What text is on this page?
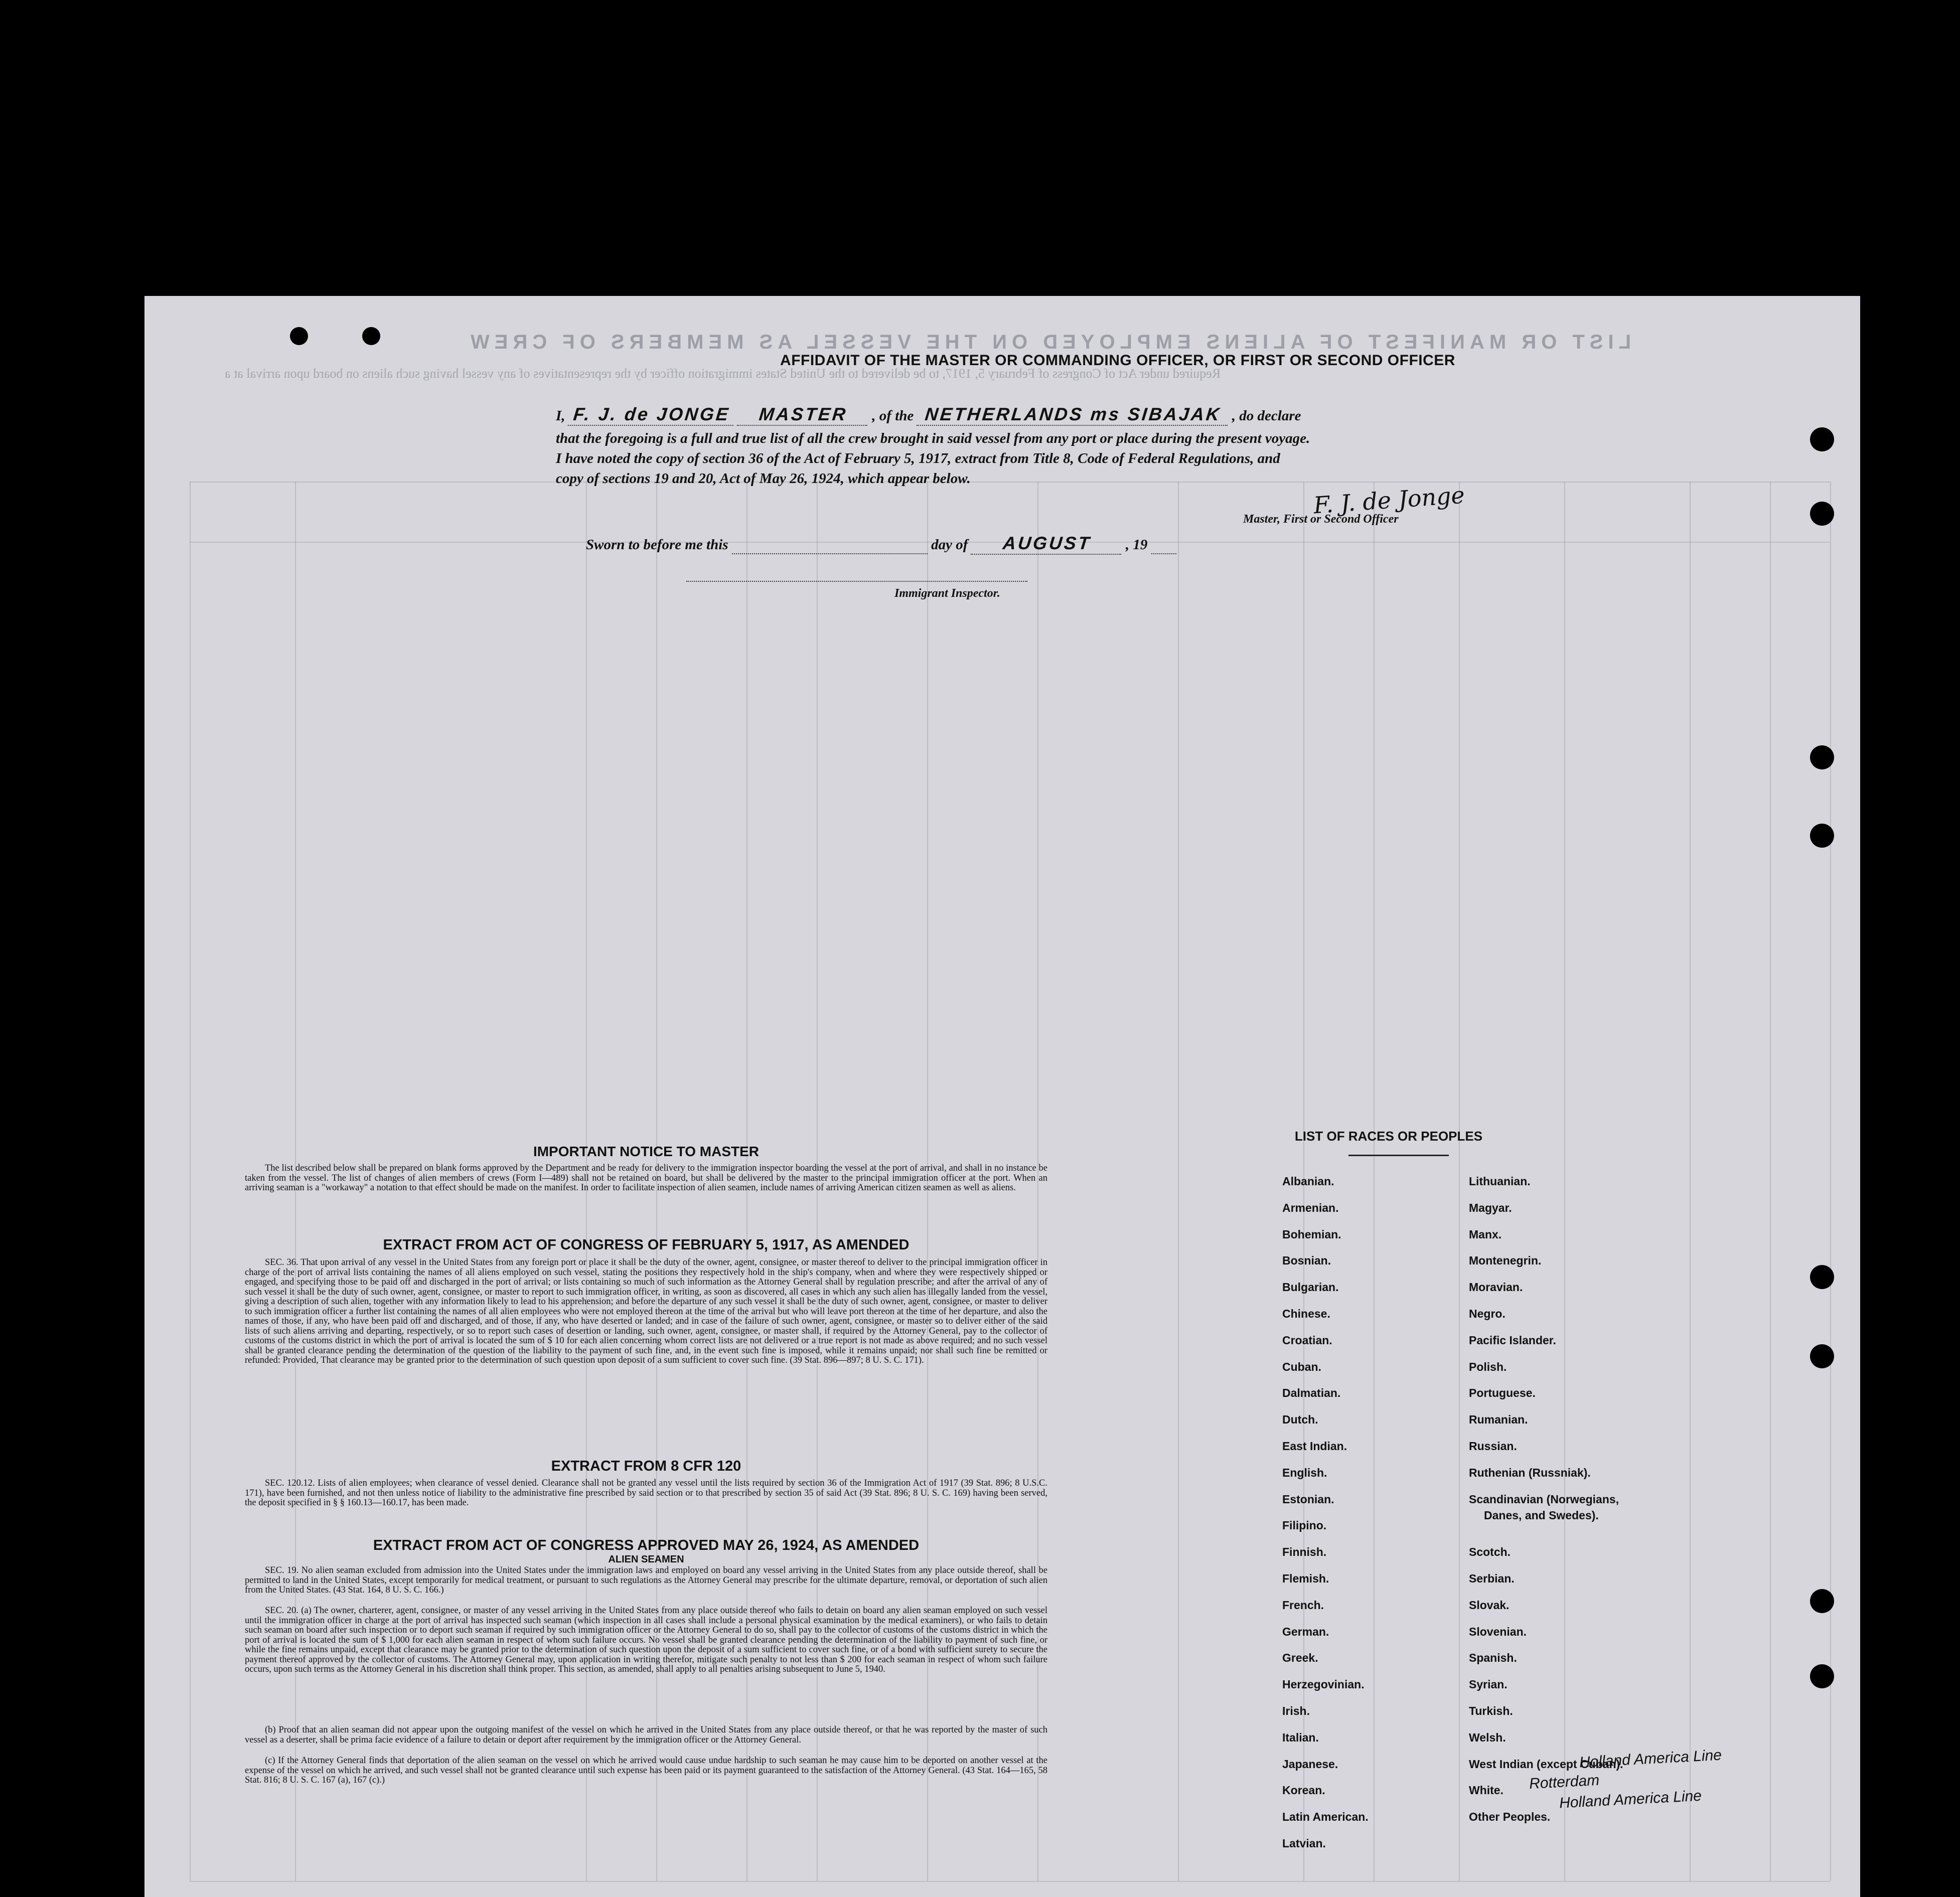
LIST OR MANIFEST OF ALIENS EMPLOYED ON THE VESSEL AS MEMBERS OF CREW
Required under Act of Congress of February 5, 1917, to be delivered to the United States immigration officer by the representatives of any vessel having such aliens on board upon arrival at a
AFFIDAVIT OF THE MASTER OR COMMANDING OFFICER, OR FIRST OR SECOND OFFICER
I, F. J. de JONGE MASTER , of the NETHERLANDS ms SIBAJAK , do declare
that the foregoing is a full and true list of all the crew brought in said vessel from any port or place during the present voyage.
I have noted the copy of section 36 of the Act of February 5, 1917, extract from Title 8, Code of Federal Regulations, and
copy of sections 19 and 20, Act of May 26, 1924, which appear below.
F. J. de Jonge
Master, First or Second Officer
Sworn to before me this	day of AUGUST , 19
Immigrant Inspector.
IMPORTANT NOTICE TO MASTER
The list described below shall be prepared on blank forms approved by the Department and be ready for delivery to the immigration inspector boarding the vessel at the port of arrival, and shall in no instance be taken from the vessel. The list of changes of alien members of crews (Form I—489) shall not be retained on board, but shall be delivered by the master to the principal immigration officer at the port. When an arriving seaman is a "workaway" a notation to that effect should be made on the manifest. In order to facilitate inspection of alien seamen, include names of arriving American citizen seamen as well as aliens.
EXTRACT FROM ACT OF CONGRESS OF FEBRUARY 5, 1917, AS AMENDED
SEC. 36. That upon arrival of any vessel in the United States from any foreign port or place it shall be the duty of the owner, agent, consignee, or master thereof to deliver to the principal immigration officer in charge of the port of arrival lists containing the names of all aliens employed on such vessel, stating the positions they respectively hold in the ship's company, when and where they were respectively shipped or engaged, and specifying those to be paid off and discharged in the port of arrival; or lists containing so much of such information as the Attorney General shall by regulation prescribe; and after the arrival of any of such vessel it shall be the duty of such owner, agent, consignee, or master to report to such immigration officer, in writing, as soon as discovered, all cases in which any such alien has illegally landed from the vessel, giving a description of such alien, together with any information likely to lead to his apprehension; and before the departure of any such vessel it shall be the duty of such owner, agent, consignee, or master to deliver to such immigration officer a further list containing the names of all alien employees who were not employed thereon at the time of the arrival but who will leave port thereon at the time of her departure, and also the names of those, if any, who have been paid off and discharged, and of those, if any, who have deserted or landed; and in case of the failure of such owner, agent, consignee, or master so to deliver either of the said lists of such aliens arriving and departing, respectively, or so to report such cases of desertion or landing, such owner, agent, consignee, or master shall, if required by the Attorney General, pay to the collector of customs of the customs district in which the port of arrival is located the sum of $ 10 for each alien concerning whom correct lists are not delivered or a true report is not made as above required; and no such vessel shall be granted clearance pending the determination of the question of the liability to the payment of such fine, and, in the event such fine is imposed, while it remains unpaid; nor shall such fine be remitted or refunded: Provided, That clearance may be granted prior to the determination of such question upon deposit of a sum sufficient to cover such fine. (39 Stat. 896—897; 8 U. S. C. 171).
EXTRACT FROM 8 CFR 120
SEC. 120.12. Lists of alien employees; when clearance of vessel denied. Clearance shall not be granted any vessel until the lists required by section 36 of the Immigration Act of 1917 (39 Stat. 896; 8 U.S.C. 171), have been furnished, and not then unless notice of liability to the administrative fine prescribed by said section or to that prescribed by section 35 of said Act (39 Stat. 896; 8 U. S. C. 169) having been served, the deposit specified in § § 160.13—160.17, has been made.
EXTRACT FROM ACT OF CONGRESS APPROVED MAY 26, 1924, AS AMENDED
ALIEN SEAMEN
SEC. 19. No alien seaman excluded from admission into the United States under the immigration laws and employed on board any vessel arriving in the United States from any place outside thereof, shall be permitted to land in the United States, except temporarily for medical treatment, or pursuant to such regulations as the Attorney General may prescribe for the ultimate departure, removal, or deportation of such alien from the United States. (43 Stat. 164, 8 U. S. C. 166.)
SEC. 20. (a) The owner, charterer, agent, consignee, or master of any vessel arriving in the United States from any place outside thereof who fails to detain on board any alien seaman employed on such vessel until the immigration officer in charge at the port of arrival has inspected such seaman (which inspection in all cases shall include a personal physical examination by the medical examiners), or who fails to detain such seaman on board after such inspection or to deport such seaman if required by such immigration officer or the Attorney General to do so, shall pay to the collector of customs of the customs district in which the port of arrival is located the sum of $ 1,000 for each alien seaman in respect of whom such failure occurs. No vessel shall be granted clearance pending the determination of the liability to payment of such fine, or while the fine remains unpaid, except that clearance may be granted prior to the determination of such question upon the deposit of a sum sufficient to cover such fine, or of a bond with sufficient surety to secure the payment thereof approved by the collector of customs. The Attorney General may, upon application in writing therefor, mitigate such penalty to not less than $ 200 for each seaman in respect of whom such failure occurs, upon such terms as the Attorney General in his discretion shall think proper. This section, as amended, shall apply to all penalties arising subsequent to June 5, 1940.
(b) Proof that an alien seaman did not appear upon the outgoing manifest of the vessel on which he arrived in the United States from any place outside thereof, or that he was reported by the master of such vessel as a deserter, shall be prima facie evidence of a failure to detain or deport after requirement by the immigration officer or the Attorney General.
(c) If the Attorney General finds that deportation of the alien seaman on the vessel on which he arrived would cause undue hardship to such seaman he may cause him to be deported on another vessel at the expense of the vessel on which he arrived, and such vessel shall not be granted clearance until such expense has been paid or its payment guaranteed to the satisfaction of the Attorney General. (43 Stat. 164—165, 58 Stat. 816; 8 U. S. C. 167 (a), 167 (c).)
LIST OF RACES OR PEOPLES
Albanian.
Armenian.
Bohemian.
Bosnian.
Bulgarian.
Chinese.
Croatian.
Cuban.
Dalmatian.
Dutch.
East Indian.
English.
Estonian.
Filipino.
Finnish.
Flemish.
French.
German.
Greek.
Herzegovinian.
Irish.
Italian.
Japanese.
Korean.
Latin American.
Latvian.
Lithuanian.
Magyar.
Manx.
Montenegrin.
Moravian.
Negro.
Pacific Islander.
Polish.
Portuguese.
Rumanian.
Russian.
Ruthenian (Russniak).
Scandinavian (Norwegians,
Danes, and Swedes).
Scotch.
Serbian.
Slovak.
Slovenian.
Spanish.
Syrian.
Turkish.
Welsh.
West Indian (except Cuban).
White.
Other Peoples.
Holland America Line
Rotterdam
Holland America Line
